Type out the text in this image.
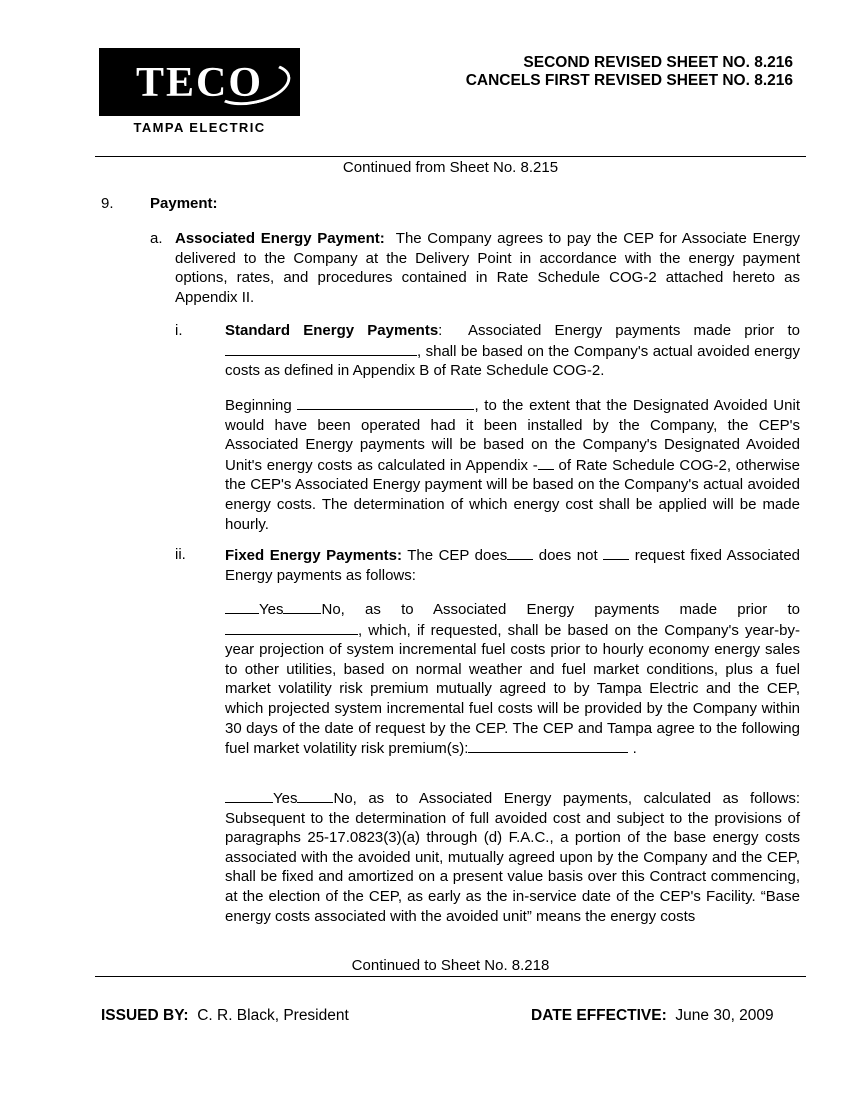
TECO
TAMPA ELECTRIC
SECOND REVISED SHEET NO. 8.216
CANCELS FIRST REVISED SHEET NO. 8.216
Continued from Sheet No. 8.215
9. Payment:
a. Associated Energy Payment: The Company agrees to pay the CEP for Associate Energy delivered to the Company at the Delivery Point in accordance with the energy payment options, rates, and procedures contained in Rate Schedule COG-2 attached hereto as Appendix II.
i.	Standard Energy Payments:  Associated Energy payments made prior to , shall be based on the Company's actual avoided energy costs as defined in Appendix B of Rate Schedule COG-2.
Beginning	, to the extent that the Designated Avoided Unit would have been operated had it been installed by the Company, the CEP's Associated Energy payments will be based on the Company's Designated Avoided Unit's energy costs as calculated in Appendix - of Rate Schedule COG-2, otherwise the CEP's Associated Energy payment will be based on the Company's actual avoided energy costs. The determination of which energy cost shall be applied will be made hourly.
ii.	Fixed Energy Payments: The CEP does does not request fixed Associated Energy payments as follows:
Yes	No, as to Associated Energy payments made prior to , which, if requested, shall be based on the Company's year-by-year projection of system incremental fuel costs prior to hourly economy energy sales to other utilities, based on normal weather and fuel market conditions, plus a fuel market volatility risk premium mutually agreed to by Tampa Electric and the CEP, which projected system incremental fuel costs will be provided by the Company within 30 days of the date of request by the CEP. The CEP and Tampa agree to the following fuel market volatility risk premium(s):	.
Yes No, as to Associated Energy payments, calculated as follows: Subsequent to the determination of full avoided cost and subject to the provisions of paragraphs 25-17.0823(3)(a) through (d) F.A.C., a portion of the base energy costs associated with the avoided unit, mutually agreed upon by the Company and the CEP, shall be fixed and amortized on a present value basis over this Contract commencing, at the election of the CEP, as early as the in-service date of the CEP's Facility. “Base energy costs associated with the avoided unit” means the energy costs
Continued to Sheet No. 8.218
ISSUED BY: C. R. Black, President	DATE EFFECTIVE: June 30, 2009
